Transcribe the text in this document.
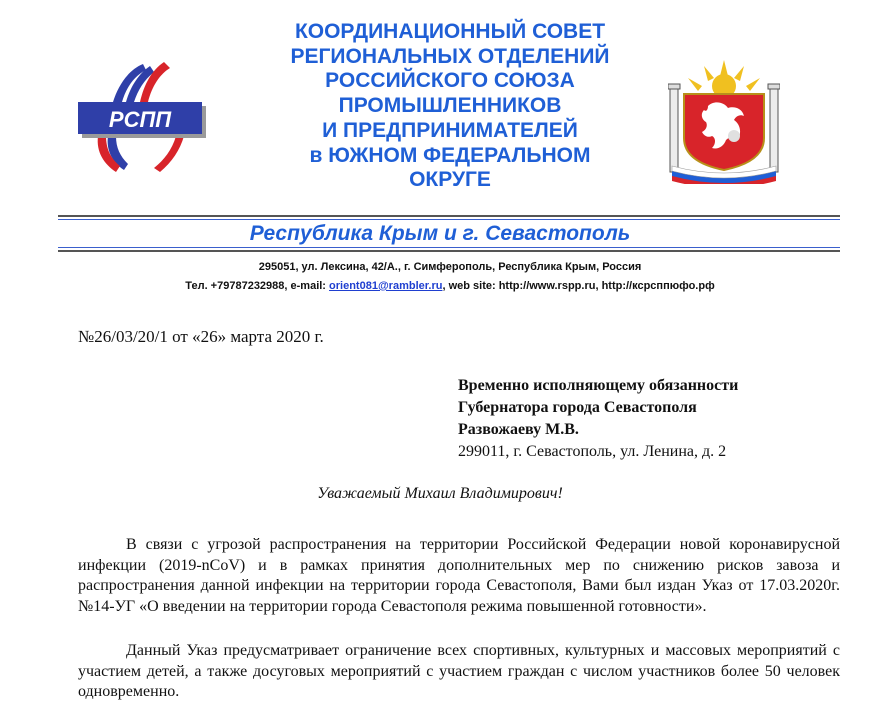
РСПП
КООРДИНАЦИОННЫЙ СОВЕТ
РЕГИОНАЛЬНЫХ ОТДЕЛЕНИЙ
РОССИЙСКОГО СОЮЗА
ПРОМЫШЛЕННИКОВ
И ПРЕДПРИНИМАТЕЛЕЙ
в ЮЖНОМ ФЕДЕРАЛЬНОМ
ОКРУГЕ
Республика Крым и г. Севастополь
295051, ул. Лексина, 42/А., г. Симферополь, Республика Крым, Россия
Тел. +79787232988, e-mail: orient081@rambler.ru, web site: http://www.rspp.ru, http://ксрсппюфо.рф
№26/03/20/1 от «26» марта 2020 г.
Временно исполняющему обязанности
Губернатора города Севастополя
Развожаеву М.В.
299011, г. Севастополь, ул. Ленина, д. 2
Уважаемый Михаил Владимирович!
В связи с угрозой распространения на территории Российской Федерации новой коронавирусной инфекции (2019-nCoV) и в рамках принятия дополнительных мер по снижению рисков завоза и распространения данной инфекции на территории города Севастополя, Вами был издан Указ от 17.03.2020г. №14-УГ «О введении на территории города Севастополя режима повышенной готовности».
Данный Указ предусматривает ограничение всех спортивных, культурных и массовых мероприятий с участием детей, а также досуговых мероприятий с участием граждан с числом участников более 50 человек одновременно.
